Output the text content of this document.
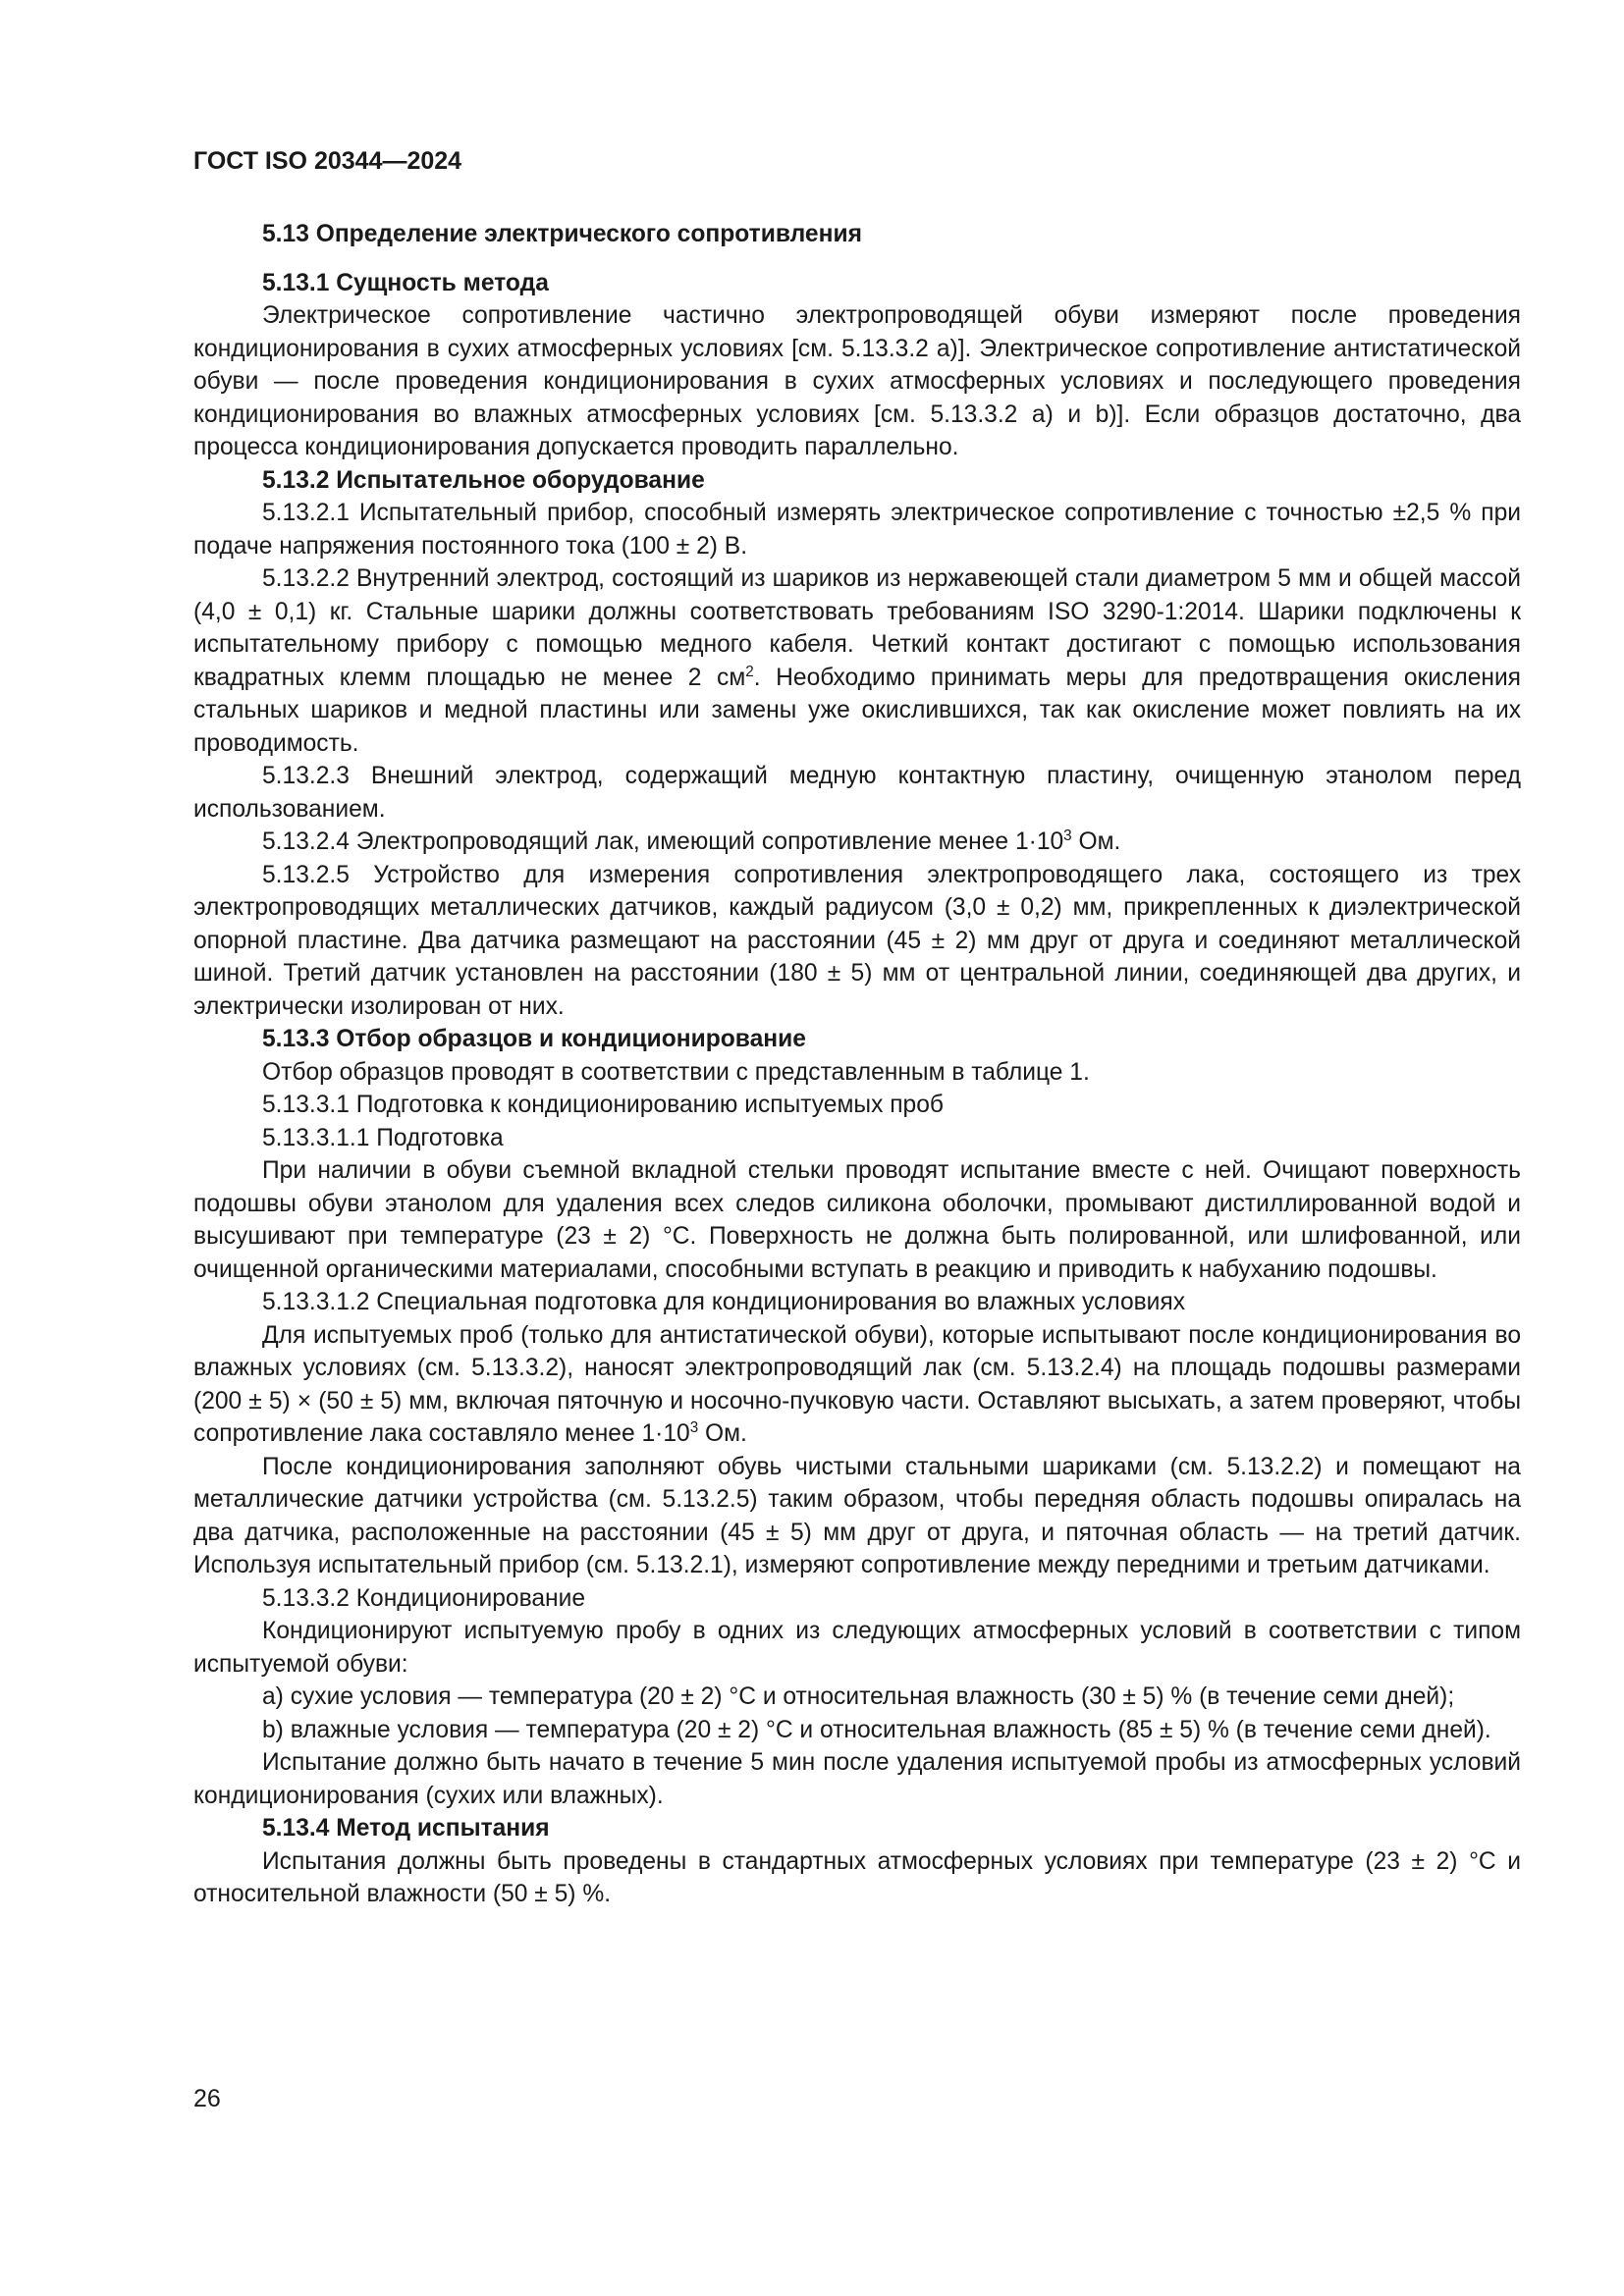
ГОСТ ISO 20344—2024

5.13 Определение электрического сопротивления

5.13.1 Сущность метода

Электрическое сопротивление частично электропроводящей обуви измеряют после проведения кондиционирования в сухих атмосферных условиях [см. 5.13.3.2 а)]. Электрическое сопротивление антистатической обуви — после проведения кондиционирования в сухих атмосферных условиях и последующего проведения кондиционирования во влажных атмосферных условиях [см. 5.13.3.2 а) и b)]. Если образцов достаточно, два процесса кондиционирования допускается проводить параллельно.

5.13.2 Испытательное оборудование

5.13.2.1 Испытательный прибор, способный измерять электрическое сопротивление с точностью ±2,5 % при подаче напряжения постоянного тока (100 ± 2) В.

5.13.2.2 Внутренний электрод, состоящий из шариков из нержавеющей стали диаметром 5 мм и общей массой (4,0 ± 0,1) кг. Стальные шарики должны соответствовать требованиям ISO 3290-1:2014. Шарики подключены к испытательному прибору с помощью медного кабеля. Четкий контакт достигают с помощью использования квадратных клемм площадью не менее 2 $см^2$. Необходимо принимать меры для предотвращения окисления стальных шариков и медной пластины или замены уже окислившихся, так как окисление может повлиять на их проводимость.

5.13.2.3 Внешний электрод, содержащий медную контактную пластину, очищенную этанолом перед использованием.

5.13.2.4 Электропроводящий лак, имеющий сопротивление менее $1\cdot 10^3$ Ом.

5.13.2.5 Устройство для измерения сопротивления электропроводящего лака, состоящего из трех электропроводящих металлических датчиков, каждый радиусом (3,0 ± 0,2) мм, прикрепленных к диэлектрической опорной пластине. Два датчика размещают на расстоянии (45 ± 2) мм друг от друга и соединяют металлической шиной. Третий датчик установлен на расстоянии (180 ± 5) мм от центральной линии, соединяющей два других, и электрически изолирован от них.

5.13.3 Отбор образцов и кондиционирование

Отбор образцов проводят в соответствии с представленным в таблице 1.

5.13.3.1 Подготовка к кондиционированию испытуемых проб

5.13.3.1.1 Подготовка

При наличии в обуви съемной вкладной стельки проводят испытание вместе с ней. Очищают поверхность подошвы обуви этанолом для удаления всех следов силикона оболочки, промывают дистиллированной водой и высушивают при температуре (23 ± 2) °С. Поверхность не должна быть полированной, или шлифованной, или очищенной органическими материалами, способными вступать в реакцию и приводить к набуханию подошвы.

5.13.3.1.2 Специальная подготовка для кондиционирования во влажных условиях

Для испытуемых проб (только для антистатической обуви), которые испытывают после кондиционирования во влажных условиях (см. 5.13.3.2), наносят электропроводящий лак (см. 5.13.2.4) на площадь подошвы размерами (200 ± 5) × (50 ± 5) мм, включая пяточную и носочно-пучковую части. Оставляют высыхать, а затем проверяют, чтобы сопротивление лака составляло менее $1\cdot 10^3$ Ом.

После кондиционирования заполняют обувь чистыми стальными шариками (см. 5.13.2.2) и помещают на металлические датчики устройства (см. 5.13.2.5) таким образом, чтобы передняя область подошвы опиралась на два датчика, расположенные на расстоянии (45 ± 5) мм друг от друга, и пяточная область — на третий датчик. Используя испытательный прибор (см. 5.13.2.1), измеряют сопротивление между передними и третьим датчиками.

5.13.3.2 Кондиционирование

Кондиционируют испытуемую пробу в одних из следующих атмосферных условий в соответствии с типом испытуемой обуви:

а) сухие условия — температура (20 ± 2) °С и относительная влажность (30 ± 5) % (в течение семи дней);

b) влажные условия — температура (20 ± 2) °С и относительная влажность (85 ± 5) % (в течение семи дней).

Испытание должно быть начато в течение 5 мин после удаления испытуемой пробы из атмосферных условий кондиционирования (сухих или влажных).

5.13.4 Метод испытания

Испытания должны быть проведены в стандартных атмосферных условиях при температуре (23 ± 2) °С и относительной влажности (50 ± 5) %.

26
